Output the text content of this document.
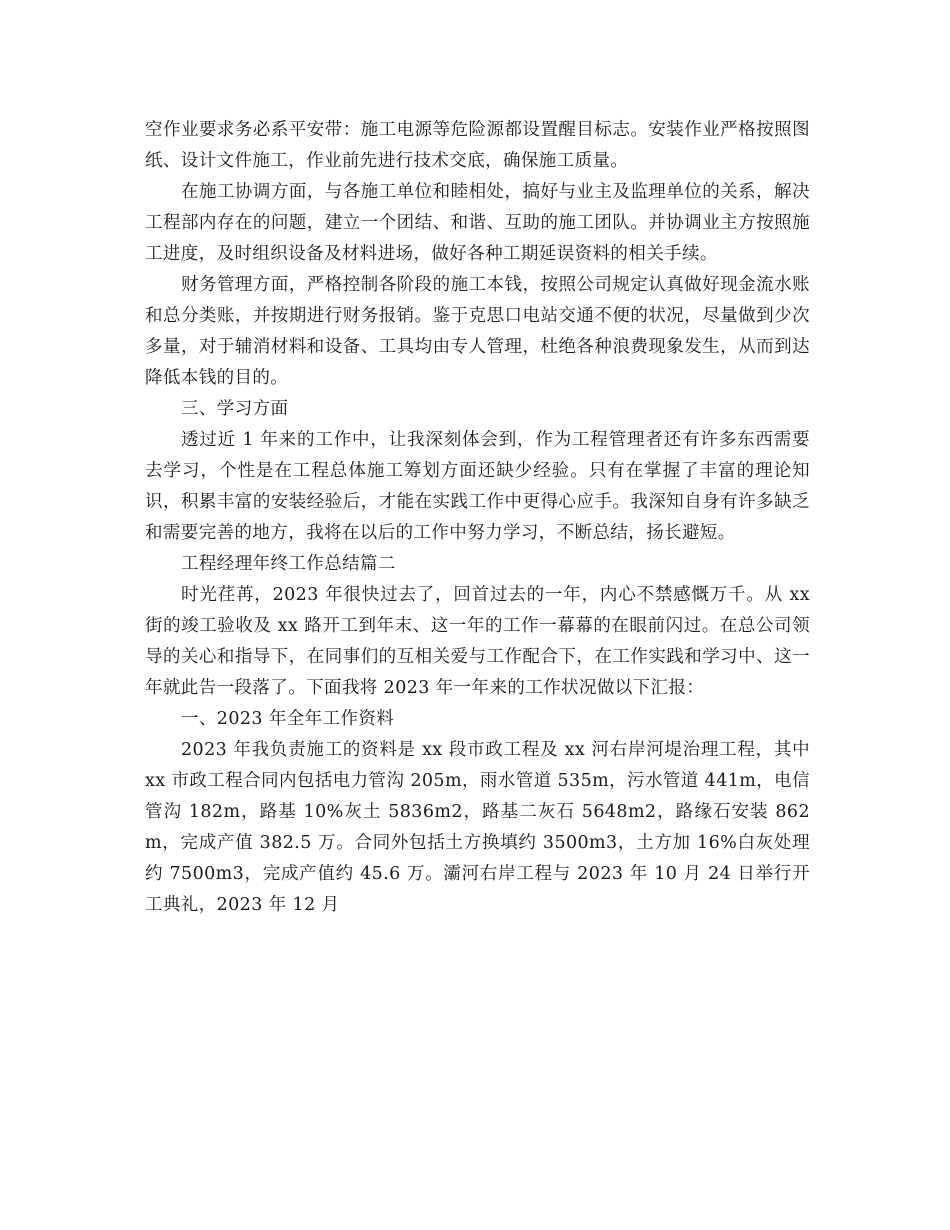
空作业要求务必系平安带：施工电源等危险源都设置醒目标志。安装作业严格按照图纸、设计文件施工，作业前先进行技术交底，确保施工质量。

在施工协调方面，与各施工单位和睦相处，搞好与业主及监理单位的关系，解决工程部内存在的问题，建立一个团结、和谐、互助的施工团队。并协调业主方按照施工进度，及时组织设备及材料进场，做好各种工期延误资料的相关手续。

财务管理方面，严格控制各阶段的施工本钱，按照公司规定认真做好现金流水账和总分类账，并按期进行财务报销。鉴于克思口电站交通不便的状况，尽量做到少次多量，对于辅消材料和设备、工具均由专人管理，杜绝各种浪费现象发生，从而到达降低本钱的目的。

三、学习方面

透过近 1 年来的工作中，让我深刻体会到，作为工程管理者还有许多东西需要去学习，个性是在工程总体施工筹划方面还缺少经验。只有在掌握了丰富的理论知识，积累丰富的安装经验后，才能在实践工作中更得心应手。我深知自身有许多缺乏和需要完善的地方，我将在以后的工作中努力学习，不断总结，扬长避短。

工程经理年终工作总结篇二

时光荏苒，2023 年很快过去了，回首过去的一年，内心不禁感慨万千。从 xx 街的竣工验收及 xx 路开工到年末、这一年的工作一幕幕的在眼前闪过。在总公司领导的关心和指导下，在同事们的互相关爱与工作配合下，在工作实践和学习中、这一年就此告一段落了。下面我将 2023 年一年来的工作状况做以下汇报：

一、2023 年全年工作资料

2023 年我负责施工的资料是 xx 段市政工程及 xx 河右岸河堤治理工程，其中 xx 市政工程合同内包括电力管沟 205m，雨水管道 535m，污水管道 441m，电信管沟 182m，路基 10%灰土 5836m2，路基二灰石 5648m2，路缘石安装 862m，完成产值 382.5 万。合同外包括土方换填约 3500m3，土方加 16%白灰处理约 7500m3，完成产值约 45.6 万。灞河右岸工程与 2023 年 10 月 24 日举行开工典礼，2023 年 12 月
